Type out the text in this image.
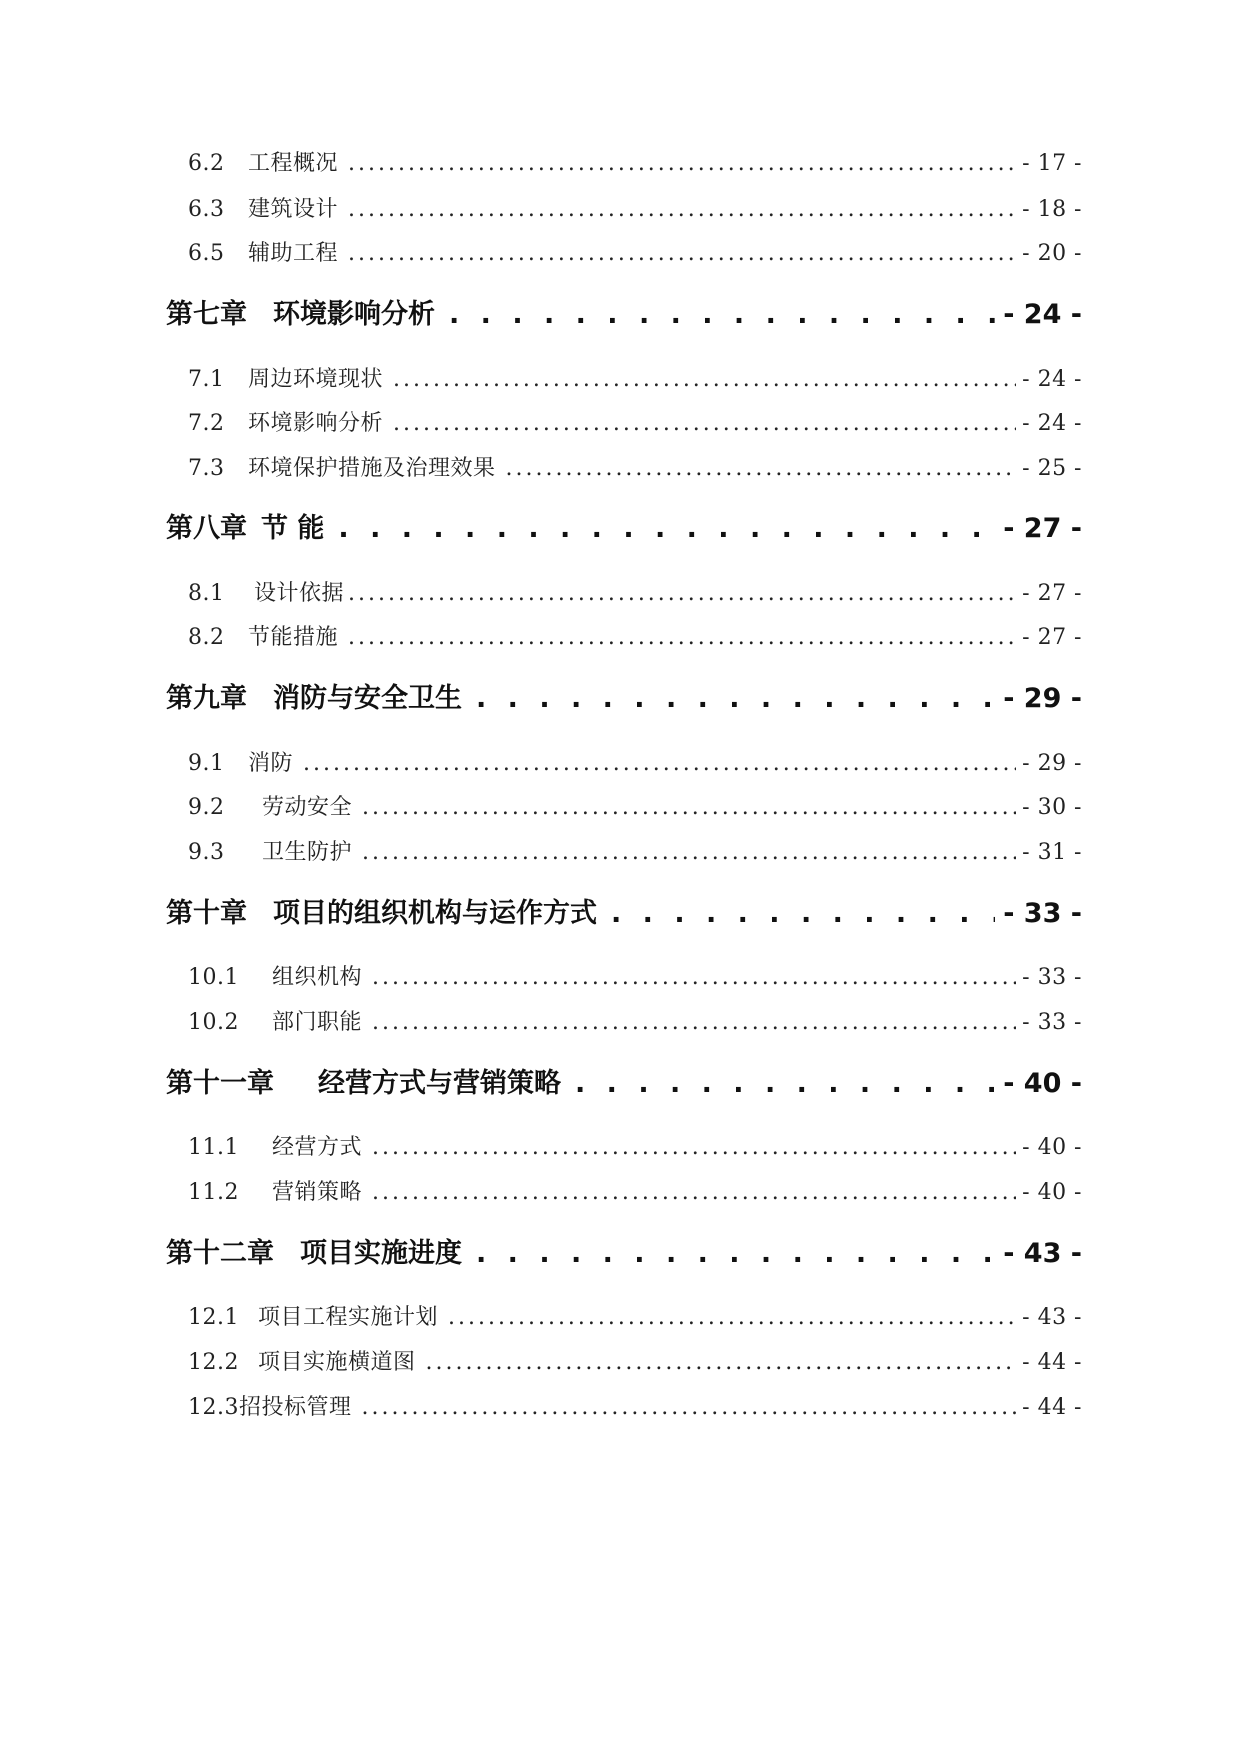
6.2	工程概况 .....	- 17 -
6.3	建筑设计 .....	- 18 -
6.5	辅助工程 .....	- 20 -
第七章 环境影响分析 . . .	- 24 -
7.1	周边环境现状 .....	- 24 -
7.2	环境影响分析 .....	- 24 -
7.3	环境保护措施及治理效果 .....	- 25 -
第八章 节 能 . . .	- 27 -
8.1	设计依据 .....	- 27 -
8.2	节能措施 .....	- 27 -
第九章 消防与安全卫生 . . .	- 29 -
9.1	消防 .....	- 29 -
9.2	劳动安全 .....	- 30 -
9.3	卫生防护 .....	- 31 -
第十章 项目的组织机构与运作方式 . . .	- 33 -
10.1	组织机构 .....	- 33 -
10.2	部门职能 .....	- 33 -
第十一章 经营方式与营销策略 . . .	- 40 -
11.1	经营方式 .....	- 40 -
11.2	营销策略 .....	- 40 -
第十二章 项目实施进度 . . .	- 43 -
12.1 项目工程实施计划 .....	- 43 -
12.2 项目实施横道图 .....	- 44 -
12.3 招投标管理 .....	- 44 -
